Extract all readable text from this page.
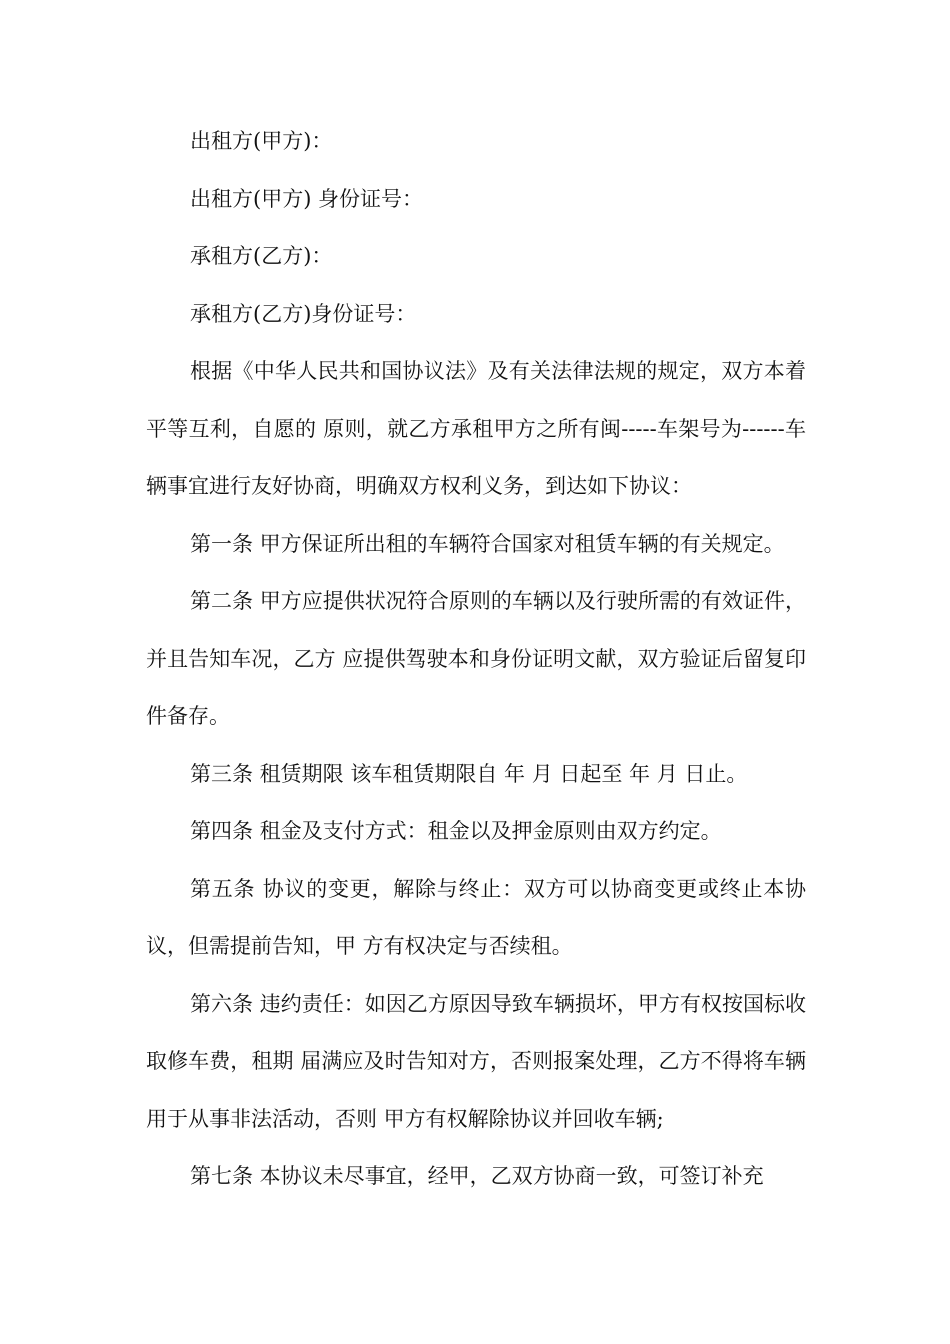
出租方(甲方)：

出租方(甲方) 身份证号：

承租方(乙方)：

承租方(乙方)身份证号：

根据《中华人民共和国协议法》及有关法律法规的规定，双方本着平等互利，自愿的 原则，就乙方承租甲方之所有闽-----车架号为------车辆事宜进行友好协商，明确双方权利义务，到达如下协议：

第一条 甲方保证所出租的车辆符合国家对租赁车辆的有关规定。

第二条 甲方应提供状况符合原则的车辆以及行驶所需的有效证件，并且告知车况，乙方 应提供驾驶本和身份证明文献，双方验证后留复印件备存。

第三条 租赁期限 该车租赁期限自 年 月 日起至 年 月 日止。

第四条 租金及支付方式：租金以及押金原则由双方约定。

第五条 协议的变更，解除与终止：双方可以协商变更或终止本协议，但需提前告知，甲 方有权决定与否续租。

第六条 违约责任：如因乙方原因导致车辆损坏，甲方有权按国标收取修车费，租期 届满应及时告知对方，否则报案处理，乙方不得将车辆用于从事非法活动，否则 甲方有权解除协议并回收车辆;

第七条 本协议未尽事宜，经甲，乙双方协商一致，可签订补充
